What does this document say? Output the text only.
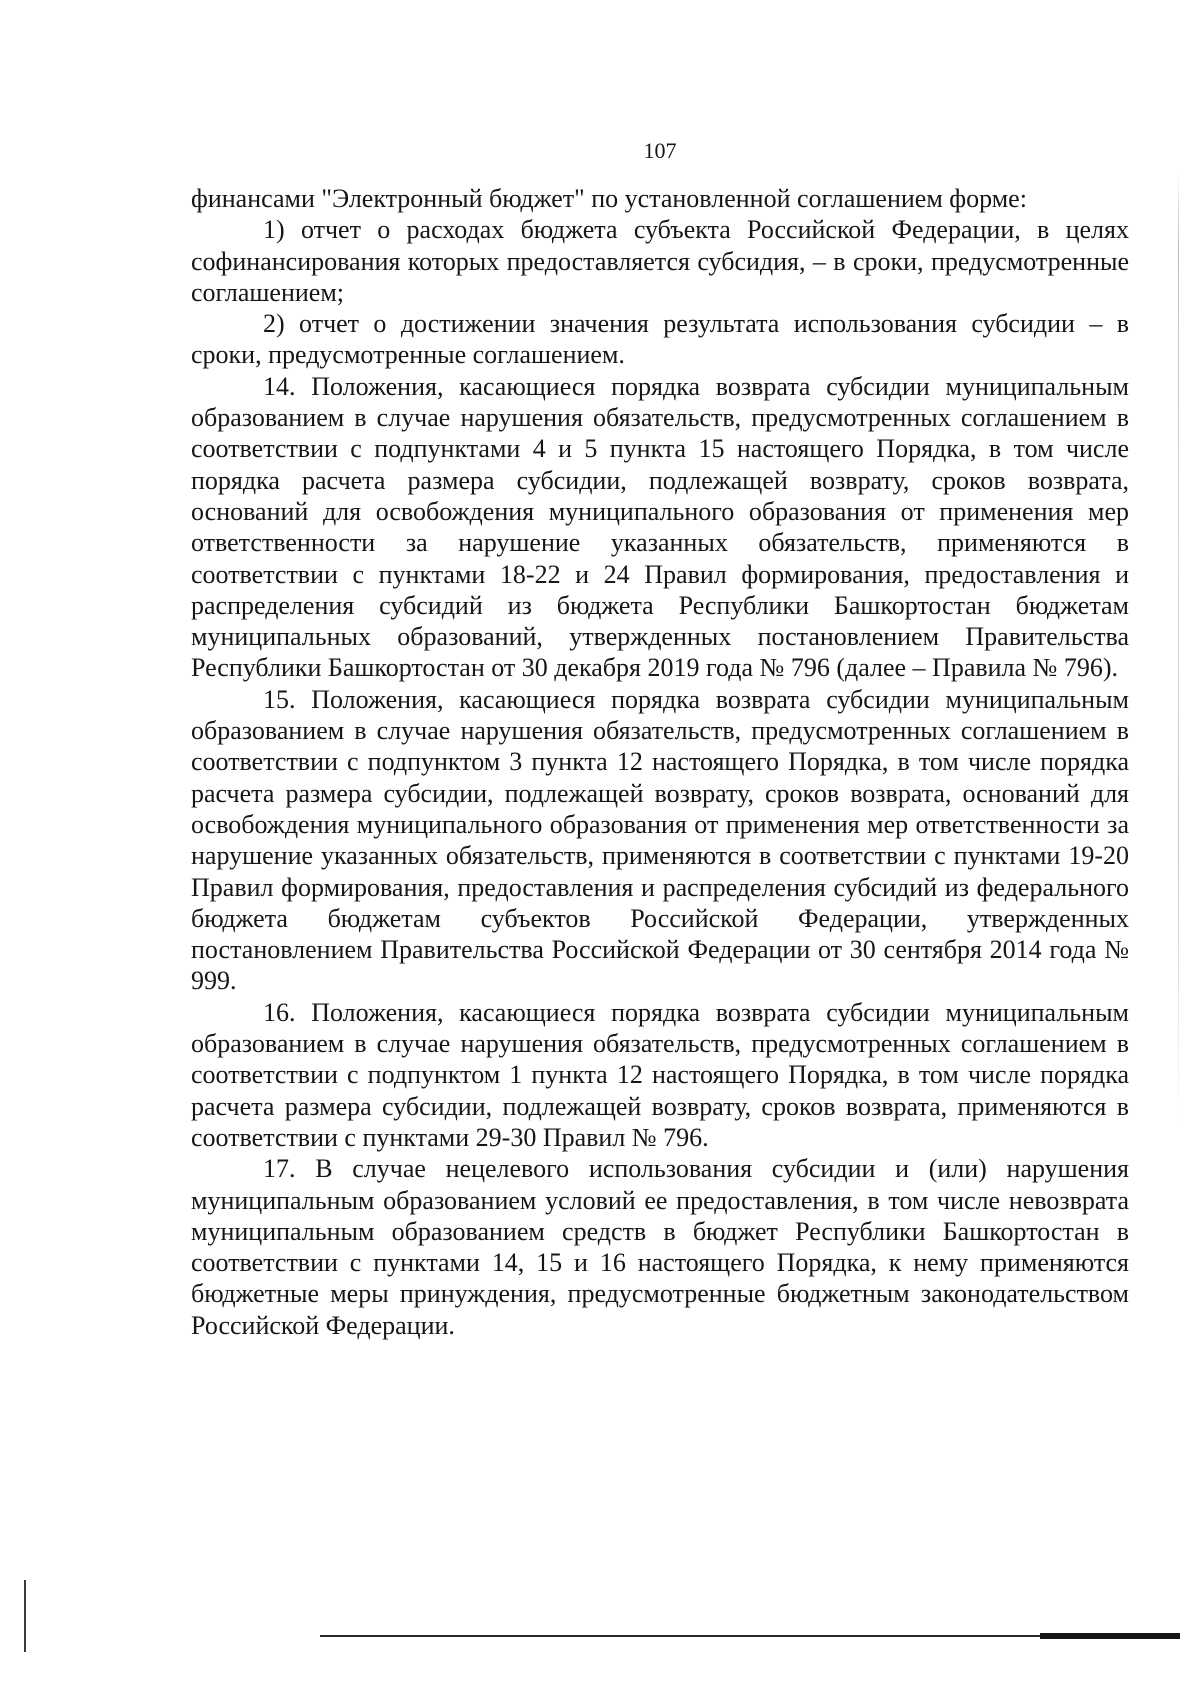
107

финансами "Электронный бюджет" по установленной соглашением форме:

1) отчет о расходах бюджета субъекта Российской Федерации, в целях софинансирования которых предоставляется субсидия, – в сроки, предусмотренные соглашением;

2) отчет о достижении значения результата использования субсидии – в сроки, предусмотренные соглашением.

14. Положения, касающиеся порядка возврата субсидии муниципальным образованием в случае нарушения обязательств, предусмотренных соглашением в соответствии с подпунктами 4 и 5 пункта 15 настоящего Порядка, в том числе порядка расчета размера субсидии, подлежащей возврату, сроков возврата, оснований для освобождения муниципального образования от применения мер ответственности за нарушение указанных обязательств, применяются в соответствии с пунктами 18-22 и 24 Правил формирования, предоставления и распределения субсидий из бюджета Республики Башкортостан бюджетам муниципальных образований, утвержденных постановлением Правительства Республики Башкортостан от 30 декабря 2019 года № 796 (далее – Правила № 796).

15. Положения, касающиеся порядка возврата субсидии муниципальным образованием в случае нарушения обязательств, предусмотренных соглашением в соответствии с подпунктом 3 пункта 12 настоящего Порядка, в том числе порядка расчета размера субсидии, подлежащей возврату, сроков возврата, оснований для освобождения муниципального образования от применения мер ответственности за нарушение указанных обязательств, применяются в соответствии с пунктами 19-20 Правил формирования, предоставления и распределения субсидий из федерального бюджета бюджетам субъектов Российской Федерации, утвержденных постановлением Правительства Российской Федерации от 30 сентября 2014 года № 999.

16. Положения, касающиеся порядка возврата субсидии муниципальным образованием в случае нарушения обязательств, предусмотренных соглашением в соответствии с подпунктом 1 пункта 12 настоящего Порядка, в том числе порядка расчета размера субсидии, подлежащей возврату, сроков возврата, применяются в соответствии с пунктами 29-30 Правил № 796.

17. В случае нецелевого использования субсидии и (или) нарушения муниципальным образованием условий ее предоставления, в том числе невозврата муниципальным образованием средств в бюджет Республики Башкортостан в соответствии с пунктами 14, 15 и 16 настоящего Порядка, к нему применяются бюджетные меры принуждения, предусмотренные бюджетным законодательством Российской Федерации.
